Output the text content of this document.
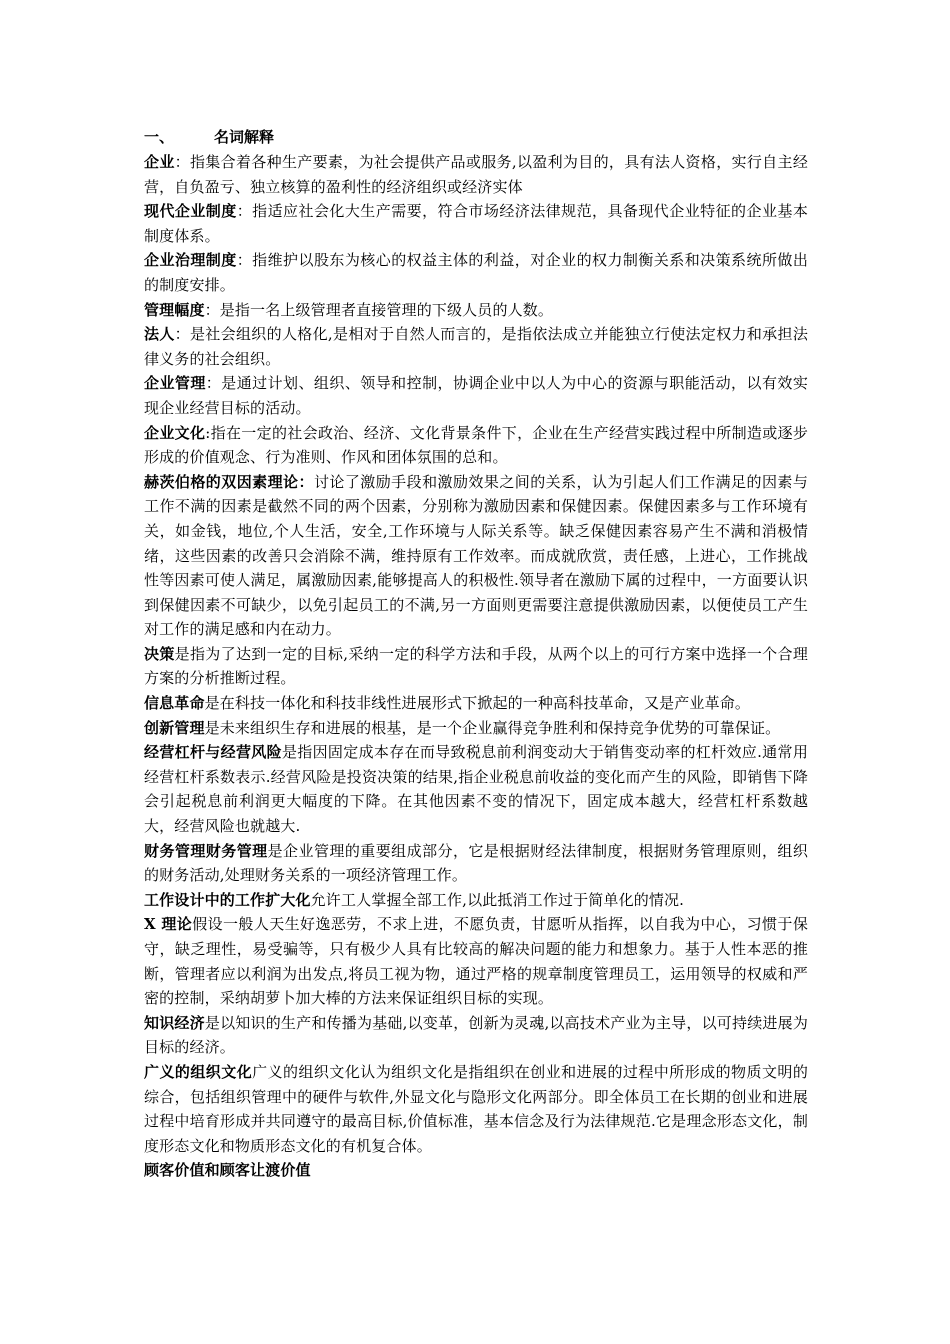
一、	名词解释

企业：指集合着各种生产要素，为社会提供产品或服务,以盈利为目的，具有法人资格，实行自主经营，自负盈亏、独立核算的盈利性的经济组织或经济实体

现代企业制度：指适应社会化大生产需要，符合市场经济法律规范，具备现代企业特征的企业基本制度体系。

企业治理制度：指维护以股东为核心的权益主体的利益，对企业的权力制衡关系和决策系统所做出的制度安排。

管理幅度：是指一名上级管理者直接管理的下级人员的人数。

法人：是社会组织的人格化,是相对于自然人而言的，是指依法成立并能独立行使法定权力和承担法律义务的社会组织。

企业管理：是通过计划、组织、领导和控制，协调企业中以人为中心的资源与职能活动，以有效实现企业经营目标的活动。

企业文化:指在一定的社会政治、经济、文化背景条件下，企业在生产经营实践过程中所制造或逐步形成的价值观念、行为准则、作风和团体氛围的总和。

赫茨伯格的双因素理论：讨论了激励手段和激励效果之间的关系，认为引起人们工作满足的因素与工作不满的因素是截然不同的两个因素，分别称为激励因素和保健因素。保健因素多与工作环境有关，如金钱，地位,个人生活，安全,工作环境与人际关系等。缺乏保健因素容易产生不满和消极情绪，这些因素的改善只会消除不满，维持原有工作效率。而成就欣赏，责任感，上进心，工作挑战性等因素可使人满足，属激励因素,能够提高人的积极性.领导者在激励下属的过程中，一方面要认识到保健因素不可缺少，以免引起员工的不满,另一方面则更需要注意提供激励因素，以便使员工产生对工作的满足感和内在动力。

决策是指为了达到一定的目标,采纳一定的科学方法和手段，从两个以上的可行方案中选择一个合理方案的分析推断过程。

信息革命是在科技一体化和科技非线性进展形式下掀起的一种高科技革命，又是产业革命。

创新管理是未来组织生存和进展的根基，是一个企业赢得竞争胜利和保持竞争优势的可靠保证。

经营杠杆与经营风险是指因固定成本存在而导致税息前利润变动大于销售变动率的杠杆效应.通常用经营杠杆系数表示.经营风险是投资决策的结果,指企业税息前收益的变化而产生的风险，即销售下降会引起税息前利润更大幅度的下降。在其他因素不变的情况下，固定成本越大，经营杠杆系数越大，经营风险也就越大.

财务管理财务管理是企业管理的重要组成部分，它是根据财经法律制度，根据财务管理原则，组织的财务活动,处理财务关系的一项经济管理工作。

工作设计中的工作扩大化允许工人掌握全部工作,以此抵消工作过于简单化的情况.

X 理论假设一般人天生好逸恶劳，不求上进，不愿负责，甘愿听从指挥，以自我为中心，习惯于保守，缺乏理性，易受骗等，只有极少人具有比较高的解决问题的能力和想象力。基于人性本恶的推断，管理者应以利润为出发点,将员工视为物，通过严格的规章制度管理员工，运用领导的权威和严密的控制，采纳胡萝卜加大棒的方法来保证组织目标的实现。

知识经济是以知识的生产和传播为基础,以变革，创新为灵魂,以高技术产业为主导，以可持续进展为目标的经济。

广义的组织文化广义的组织文化认为组织文化是指组织在创业和进展的过程中所形成的物质文明的综合，包括组织管理中的硬件与软件,外显文化与隐形文化两部分。即全体员工在长期的创业和进展过程中培育形成并共同遵守的最高目标,价值标准，基本信念及行为法律规范.它是理念形态文化，制度形态文化和物质形态文化的有机复合体。

顾客价值和顾客让渡价值
